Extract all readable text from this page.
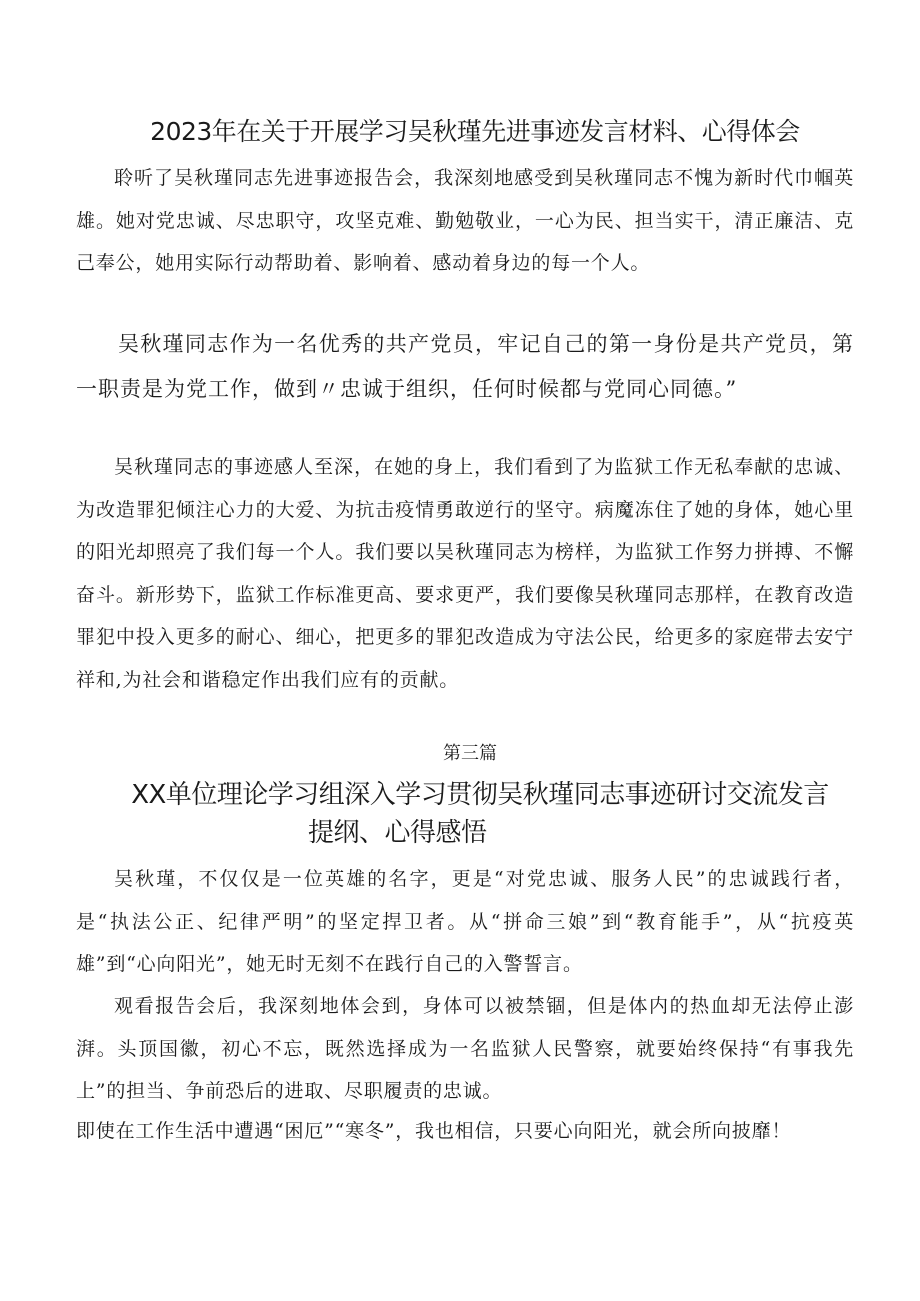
2023年在关于开展学习吴秋瑾先进事迹发言材料、心得体会

聆听了吴秋瑾同志先进事迹报告会，我深刻地感受到吴秋瑾同志不愧为新时代巾帼英雄。她对党忠诚、尽忠职守，攻坚克难、勤勉敬业，一心为民、担当实干，清正廉洁、克己奉公，她用实际行动帮助着、影响着、感动着身边的每一个人。

吴秋瑾同志作为一名优秀的共产党员，牢记自己的第一身份是共产党员，第一职责是为党工作，做到〃忠诚于组织，任何时候都与党同心同德。”

吴秋瑾同志的事迹感人至深，在她的身上，我们看到了为监狱工作无私奉献的忠诚、为改造罪犯倾注心力的大爱、为抗击疫情勇敢逆行的坚守。病魔冻住了她的身体，她心里的阳光却照亮了我们每一个人。我们要以吴秋瑾同志为榜样，为监狱工作努力拼搏、不懈奋斗。新形势下，监狱工作标准更高、要求更严，我们要像吴秋瑾同志那样，在教育改造罪犯中投入更多的耐心、细心，把更多的罪犯改造成为守法公民，给更多的家庭带去安宁祥和,为社会和谐稳定作出我们应有的贡献。

第三篇
XX单位理论学习组深入学习贯彻吴秋瑾同志事迹研讨交流发言
提纲、心得感悟

吴秋瑾，不仅仅是一位英雄的名字，更是“对党忠诚、服务人民”的忠诚践行者，是“执法公正、纪律严明”的坚定捍卫者。从“拼命三娘”到“教育能手”，从“抗疫英雄”到“心向阳光”，她无时无刻不在践行自己的入警誓言。

观看报告会后，我深刻地体会到，身体可以被禁锢，但是体内的热血却无法停止澎湃。头顶国徽，初心不忘，既然选择成为一名监狱人民警察，就要始终保持“有事我先上”的担当、争前恐后的进取、尽职履责的忠诚。

即使在工作生活中遭遇“困厄”“寒冬”，我也相信，只要心向阳光，就会所向披靡！
